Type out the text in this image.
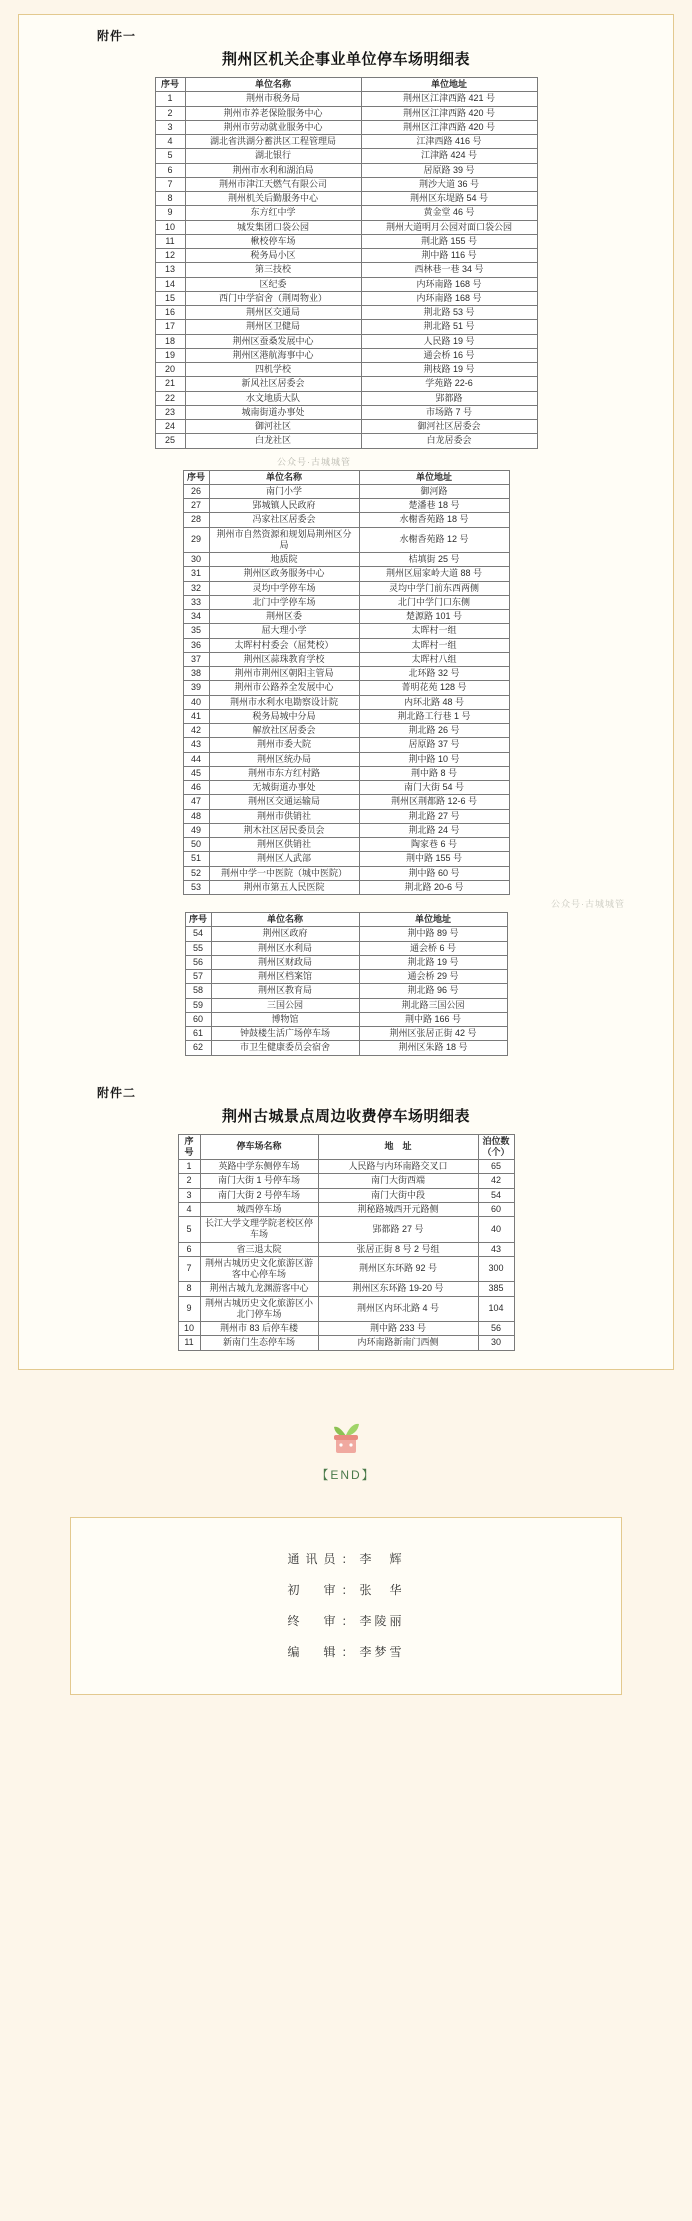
附件一
荆州区机关企事业单位停车场明细表
序号	单位名称	单位地址
1	荆州市税务局	荆州区江津西路 421 号
2	荆州市养老保险服务中心	荆州区江津西路 420 号
3	荆州市劳动就业服务中心	荆州区江津西路 420 号
4	湖北省洪湖分蓄洪区工程管理局	江津西路 416 号
5	湖北银行	江津路 424 号
6	荆州市水利和湖泊局	居原路 39 号
7	荆州市津江天燃气有限公司	荆沙大道 36 号
8	荆州机关后勤服务中心	荆州区东堤路 54 号
9	东方红中学	黄金堂 46 号
10	城发集团口袋公园	荆州大道明月公园对面口袋公园
11	楸校停车场	荆北路 155 号
12	税务局小区	荆中路 116 号
13	第三技校	西林巷一巷 34 号
14	区纪委	内环南路 168 号
15	西门中学宿舍（荆周物业）	内环南路 168 号
16	荆州区交通局	荆北路 53 号
17	荆州区卫健局	荆北路 51 号
18	荆州区蚕桑发展中心	人民路 19 号
19	荆州区港航海事中心	通会桥 16 号
20	四机学校	荆枝路 19 号
21	新风社区居委会	学苑路 22-6
22	水文地质大队	郢都路
23	城南街道办事处	市场路 7 号
24	御河社区	御河社区居委会
25	白龙社区	白龙居委会
公众号·古城城管
序号	单位名称	单位地址
26	南门小学	御河路
27	郢城镇人民政府	楚潘巷 18 号
28	冯家社区居委会	水榭香苑路 18 号
29	荆州市自然资源和规划局荆州区分局	水榭香苑路 12 号
30	地质院	桔填街 25 号
31	荆州区政务服务中心	荆州区屈家岭大道 88 号
32	灵均中学停车场	灵均中学门前东西两侧
33	北门中学停车场	北门中学门口东侧
34	荆州区委	楚源路 101 号
35	屈大理小学	太晖村一组
36	太晖村村委会（屈梵校）	太晖村一组
37	荆州区蒜珠教育学校	太晖村八组
38	荆州市荆州区朝阳主管局	北环路 32 号
39	荆州市公路养全发展中心	菁明花苑 128 号
40	荆州市水利水电勘察设计院	内环北路 48 号
41	税务局城中分局	荆北路工行巷 1 号
42	解放社区居委会	荆北路 26 号
43	荆州市委大院	居原路 37 号
44	荆州区统办局	荆中路 10 号
45	荆州市东方红村路	荆中路 8 号
46	无城街道办事处	南门大街 54 号
47	荆州区交通运输局	荆州区荆都路 12-6 号
48	荆州市供销社	荆北路 27 号
49	荆木社区居民委员会	荆北路 24 号
50	荆州区供销社	陶家巷 6 号
51	荆州区人武部	荆中路 155 号
52	荆州中学一中医院（城中医院）	荆中路 60 号
53	荆州市第五人民医院	荆北路 20-6 号
公众号·古城城管
序号	单位名称	单位地址
54	荆州区政府	荆中路 89 号
55	荆州区水利局	通会桥 6 号
56	荆州区财政局	荆北路 19 号
57	荆州区档案馆	通会桥 29 号
58	荆州区教育局	荆北路 96 号
59	三国公园	荆北路三国公园
60	博物馆	荆中路 166 号
61	钟鼓楼生活广场停车场	荆州区张居正街 42 号
62	市卫生健康委员会宿舍	荆州区朱路 18 号
附件二
荆州古城景点周边收费停车场明细表
序号	停车场名称	地　址	泊位数（个）
1	英路中学东侧停车场	人民路与内环南路交叉口	65
2	南门大街 1 号停车场	南门大街西端	42
3	南门大街 2 号停车场	南门大街中段	54
4	城西停车场	荆秘路城西开元路侧	60
5	长江大学文理学院老校区停车场	郢都路 27 号	40
6	省三退太院	张居正街 8 号 2 号组	43
7	荆州古城历史文化旅游区游客中心停车场	荆州区东环路 92 号	300
8	荆州古城九龙渊游客中心	荆州区东环路 19-20 号	385
9	荆州古城历史文化旅游区小北门停车场	荆州区内环北路 4 号	104
10	荆州市 83 后停车楼	荆中路 233 号	56
11	新南门生态停车场	内环南路新南门西侧	30
【END】
通讯员：李　辉
初　审：张　华
终　审：李陵丽
编　辑：李梦雪
